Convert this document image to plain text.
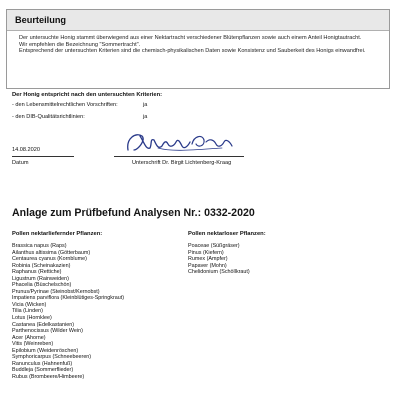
Beurteilung

Der untersuchte Honig stammt überwiegend aus einer Nektartracht verschiedener Blütenpflanzen sowie auch einem Anteil Honigtautracht.

Wir empfehlen die Bezeichnung "Sommertracht".

Entsprechend der untersuchten Kriterien sind die chemisch-physikalischen Daten sowie Konsistenz und Sauberkeit des Honigs einwandfrei.

Der Honig entspricht nach den untersuchten Kriterien:
- den Lebensmittelrechtlichen Vorschriften:	ja
- den DIB-Qualitätsrichtlinien:	ja
14.08.2020
Datum	Unterschrift Dr. Birgit Lichtenberg-Kraag
Anlage zum Prüfbefund Analysen Nr.: 0332-2020
Pollen nektarliefernder Pflanzen:
Brassica napus (Raps)
Ailanthus altissima (Götterbaum)
Centaurea cyanus (Kornblume)
Robinia (Scheinakazien)
Raphanus (Rettiche)
Ligustrum (Rainweiden)
Phacelia (Büschelschön)
Prunus/Pyrinae (Steinobst/Kernobst)
Impatiens parviflora (Kleinblütiges-Springkraut)
Vicia (Wicken)
Tilia (Linden)
Lotus (Hornklee)
Castanea (Edelkastanien)
Parthenocissus (Wilder Wein)
Acer (Ahorne)
Vitis (Weinreben)
Epilobium (Weidenröschen)
Symphoricarpus (Schneebeeren)
Ranunculus (Hahnenfuß)
Buddleja (Sommerflieder)
Rubus (Brombeere/Himbeere)
Pollen nektarloser Pflanzen:
Poaceae (Süßgräser)
Pinus (Kiefern)
Rumex (Ampfer)
Papaver (Mohn)
Chelidonium (Schöllkraut)
